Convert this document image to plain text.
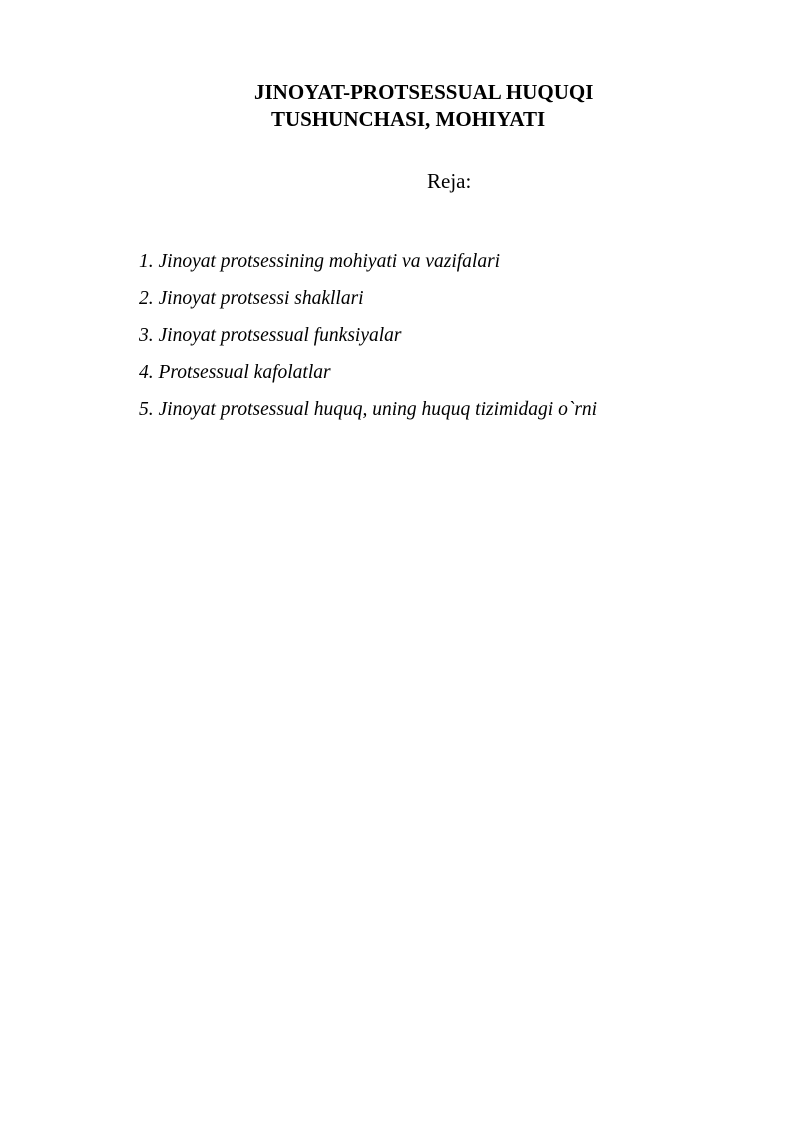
JINOYAT-PROTSESSUAL HUQUQI
TUSHUNCHASI, MOHIYATI
Reja:
1. Jinoyat protsessining mohiyati va vazifalari
2. Jinoyat protsessi shakllari
3. Jinoyat protsessual funksiyalar
4. Protsessual kafolatlar
5. Jinoyat protsessual huquq, uning huquq tizimidagi o`rni
